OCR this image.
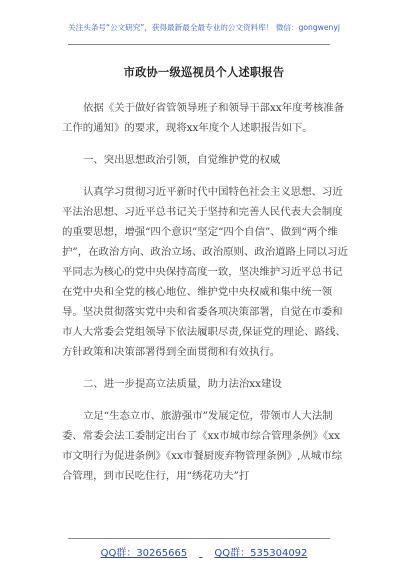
关注头条号“公文研究”，获得最新最全最专业的公文资料库！ 微信：gongwenyj
市政协一级巡视员个人述职报告

依据《关于做好省管领导班子和领导干部xx年度考核准备工作的通知》的要求，现将xx年度个人述职报告如下。

一、突出思想政治引领，自觉维护党的权威

认真学习贯彻习近平新时代中国特色社会主义思想、习近平法治思想、习近平总书记关于坚持和完善人民代表大会制度的重要思想，增强“四个意识”坚定“四个自信”、做到“两个维护”，在政治方向、政治立场、政治原则、政治道路上同以习近平同志为核心的党中央保持高度一致，坚决维护习近平总书记在党中央和全党的核心地位、维护党中央权威和集中统一领导。坚决贯彻落实党中央和省委各项决策部署，自觉在市委和市人大常委会党组领导下依法履职尽责,保证党的理论、路线、方针政策和决策部署得到全面贯彻和有效执行。

二、进一步提高立法质量，助力法治xx建设

立足“生态立市、旅游强市”发展定位，带领市人大法制委、常委会法工委制定出台了《xx市城市综合管理条例》《xx市文明行为促进条例》《xx市餐厨废弃物管理条例》,从城市综合管理，到市民吃住行，用“绣花功夫”打

QQ群：30265665	QQ群：535304092
